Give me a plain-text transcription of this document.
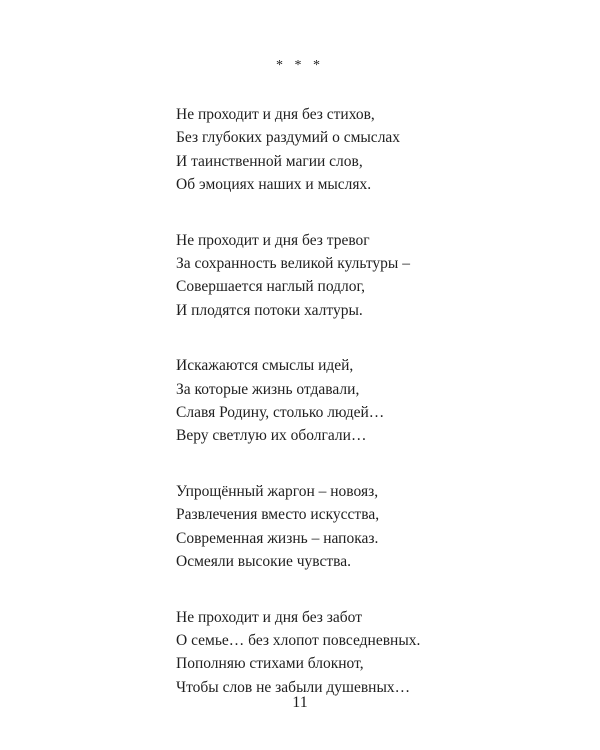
* * *
Не проходит и дня без стихов,
Без глубоких раздумий о смыслах
И таинственной магии слов,
Об эмоциях наших и мыслях.
Не проходит и дня без тревог
За сохранность великой культуры –
Совершается наглый подлог,
И плодятся потоки халтуры.
Искажаются смыслы идей,
За которые жизнь отдавали,
Славя Родину, столько людей…
Веру светлую их оболгали…
Упрощённый жаргон – новояз,
Развлечения вместо искусства,
Современная жизнь – напоказ.
Осмеяли высокие чувства.
Не проходит и дня без забот
О семье… без хлопот повседневных.
Пополняю стихами блокнот,
Чтобы слов не забыли душевных…
11
